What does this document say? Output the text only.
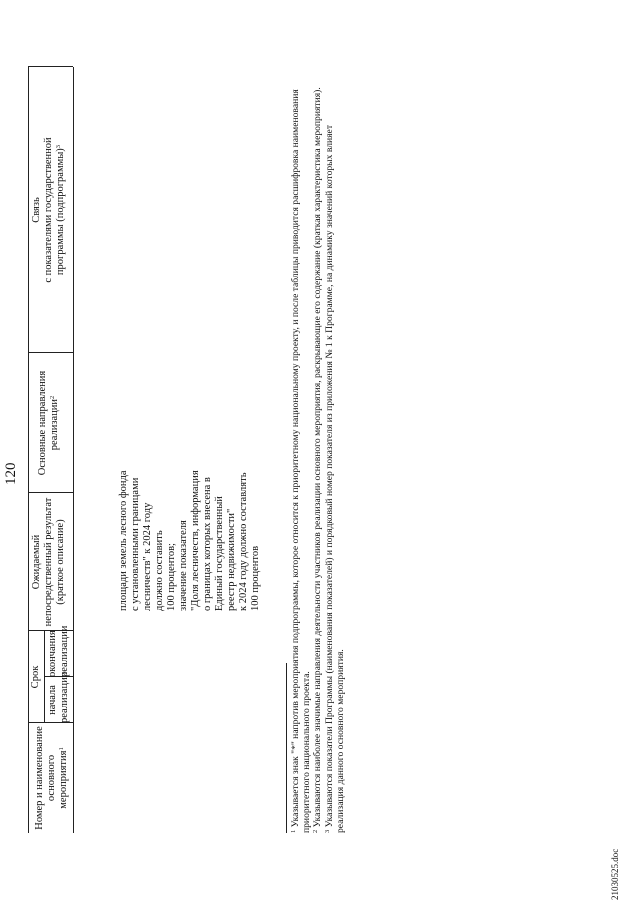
120
Номер и наименование основного мероприятия$^1$
Срок
начала реализации
окончания реализации
Ожидаемый непосредственный результат (краткое описание)
Основные направления реализации$^2$
Связь с показателями государственной программы (подпрограммы)$^3$
площади земель лесного фонда с установленными границами лесничеств" к 2024 году должно составить 100 процентов; значение показателя "Доля лесничеств, информация о границах которых внесена в Единый государственный реестр недвижимости" к 2024 году должно составлять 100 процентов
$^1$ Указывается знак "*" напротив мероприятия подпрограммы, которое относится к приоритетному национальному проекту, и после таблицы приводится расшифровка наименования приоритетного национального проекта. $^2$ Указываются наиболее значимые направления деятельности участников реализации основного мероприятия, раскрывающие его содержание (краткая характеристика мероприятия).
$^3$ Указываются показатели Программы (наименования показателей) и порядковый номер показателя из приложения № 1 к Программе, на динамику значений которых влияет реализация данного основного мероприятия.
21030525.doc
